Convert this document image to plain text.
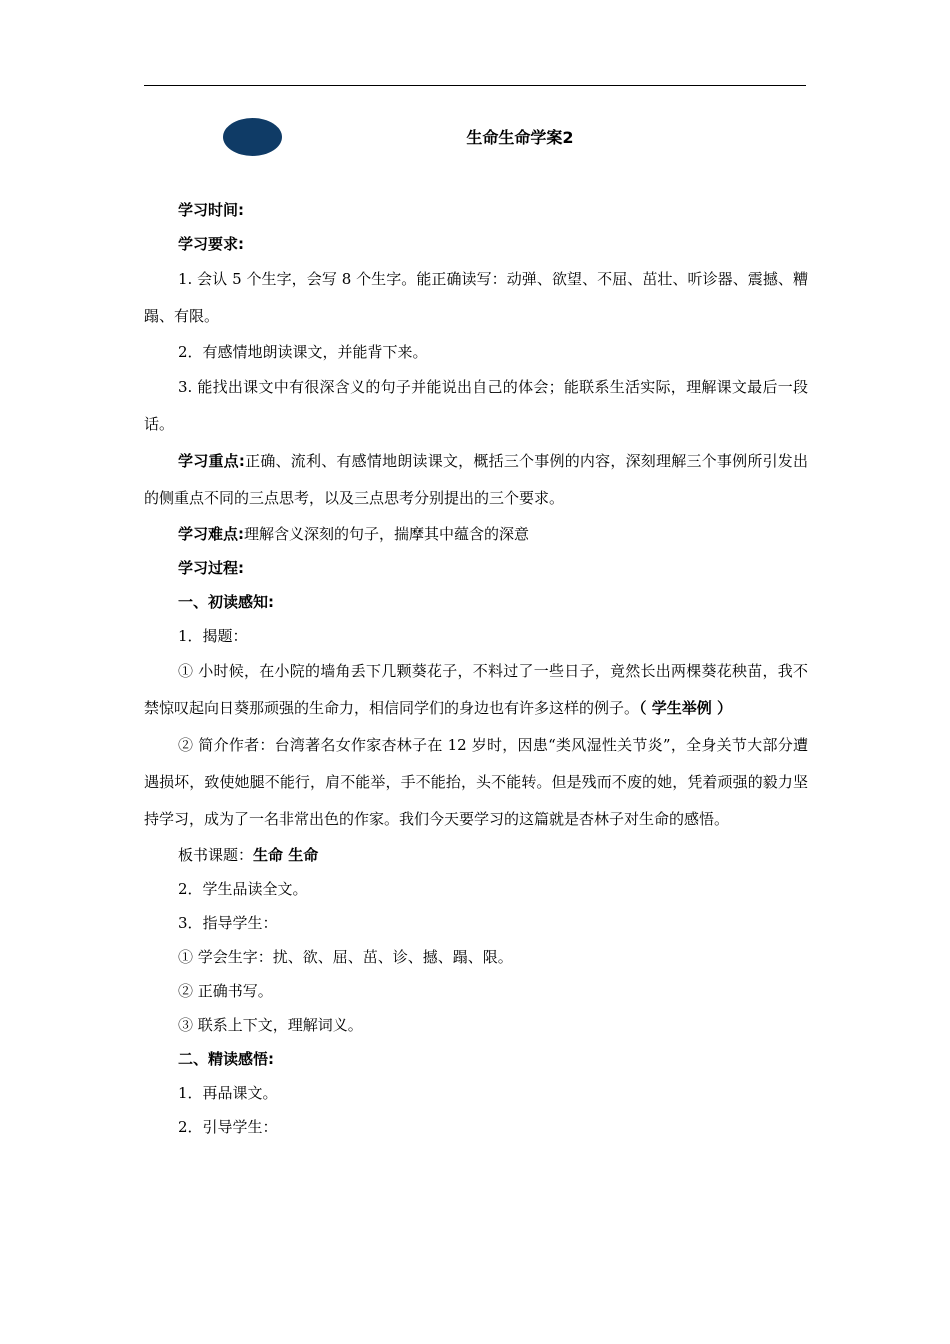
生命生命学案2

学习时间:

学习要求:

1. 会认 5 个生字，会写 8 个生字。能正确读写：动弹、欲望、不屈、茁壮、听诊器、震撼、糟蹋、有限。

2．有感情地朗读课文，并能背下来。

3. 能找出课文中有很深含义的句子并能说出自己的体会；能联系生活实际，理解课文最后一段话。

学习重点:正确、流利、有感情地朗读课文，概括三个事例的内容，深刻理解三个事例所引发出的侧重点不同的三点思考，以及三点思考分别提出的三个要求。

学习难点:理解含义深刻的句子，揣摩其中蕴含的深意

学习过程:

一、初读感知:

1．揭题：

① 小时候，在小院的墙角丢下几颗葵花子，不料过了一些日子，竟然长出两棵葵花秧苗，我不禁惊叹起向日葵那顽强的生命力，相信同学们的身边也有许多这样的例子。（ 学生举例 ）

② 简介作者：台湾著名女作家杏林子在 12 岁时，因患“类风湿性关节炎”，全身关节大部分遭遇损坏，致使她腿不能行，肩不能举，手不能抬，头不能转。但是残而不废的她，凭着顽强的毅力坚持学习，成为了一名非常出色的作家。我们今天要学习的这篇就是杏林子对生命的感悟。

板书课题：生命 生命

2．学生品读全文。

3．指导学生：

① 学会生字：扰、欲、屈、茁、诊、撼、蹋、限。

② 正确书写。

③ 联系上下文，理解词义。

二、精读感悟:

1．再品课文。

2．引导学生：
